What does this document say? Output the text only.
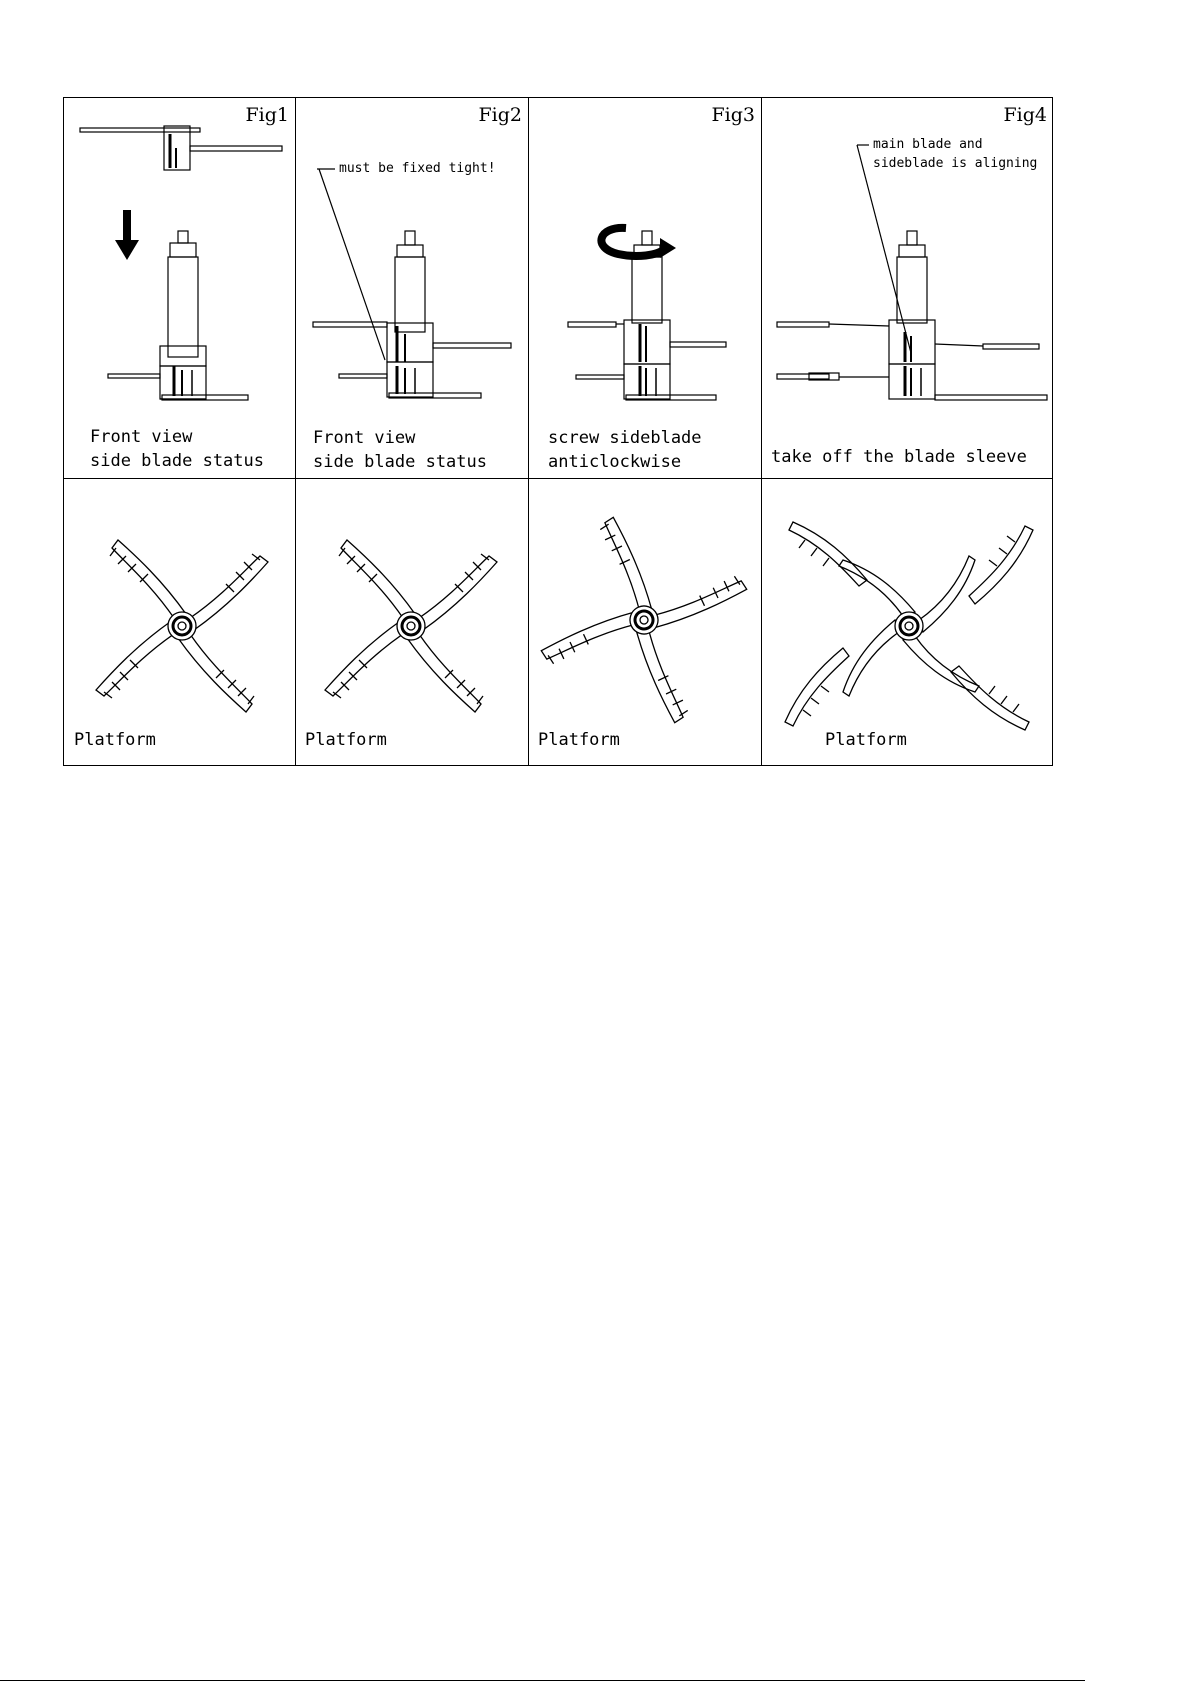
Fig1
Front view
side blade status
Fig2
must be fixed tight!
Front view
side blade status
Fig3
screw sideblade
anticlockwise
Fig4
main blade and
sideblade is aligning
take off the blade sleeve
Platform	Platform	Platform	Platform
